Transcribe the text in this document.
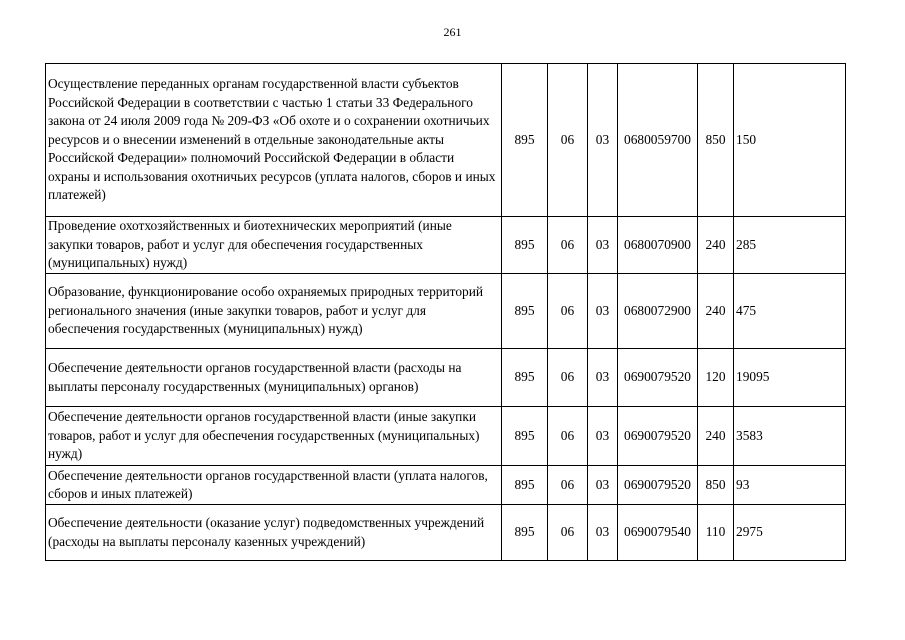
261
Осуществление переданных органам государственной власти субъектов Российской Федерации в соответствии с частью 1 статьи 33 Федерального закона от 24 июля 2009 года № 209-ФЗ «Об охоте и о сохранении охотничьих ресурсов и о внесении изменений в отдельные законодательные акты Российской Федерации» полномочий Российской Федерации в области охраны и использования охотничьих ресурсов (уплата налогов, сборов и иных платежей)	895	06	03	0680059700	850	150
Проведение охотхозяйственных и биотехнических мероприятий (иные закупки товаров, работ и услуг для обеспечения государственных (муниципальных) нужд)	895	06	03	0680070900	240	285
Образование, функционирование особо охраняемых природных территорий регионального значения (иные закупки товаров, работ и услуг для обеспечения государственных (муниципальных) нужд)	895	06	03	0680072900	240	475
Обеспечение деятельности органов государственной власти (расходы на выплаты персоналу государственных (муниципальных) органов)	895	06	03	0690079520	120	19095
Обеспечение деятельности органов государственной власти (иные закупки товаров, работ и услуг для обеспечения государственных (муниципальных) нужд)	895	06	03	0690079520	240	3583
Обеспечение деятельности органов государственной власти (уплата налогов, сборов и иных платежей)	895	06	03	0690079520	850	93
Обеспечение деятельности (оказание услуг) подведомственных учреждений (расходы на выплаты персоналу казенных учреждений)	895	06	03	0690079540	110	2975
